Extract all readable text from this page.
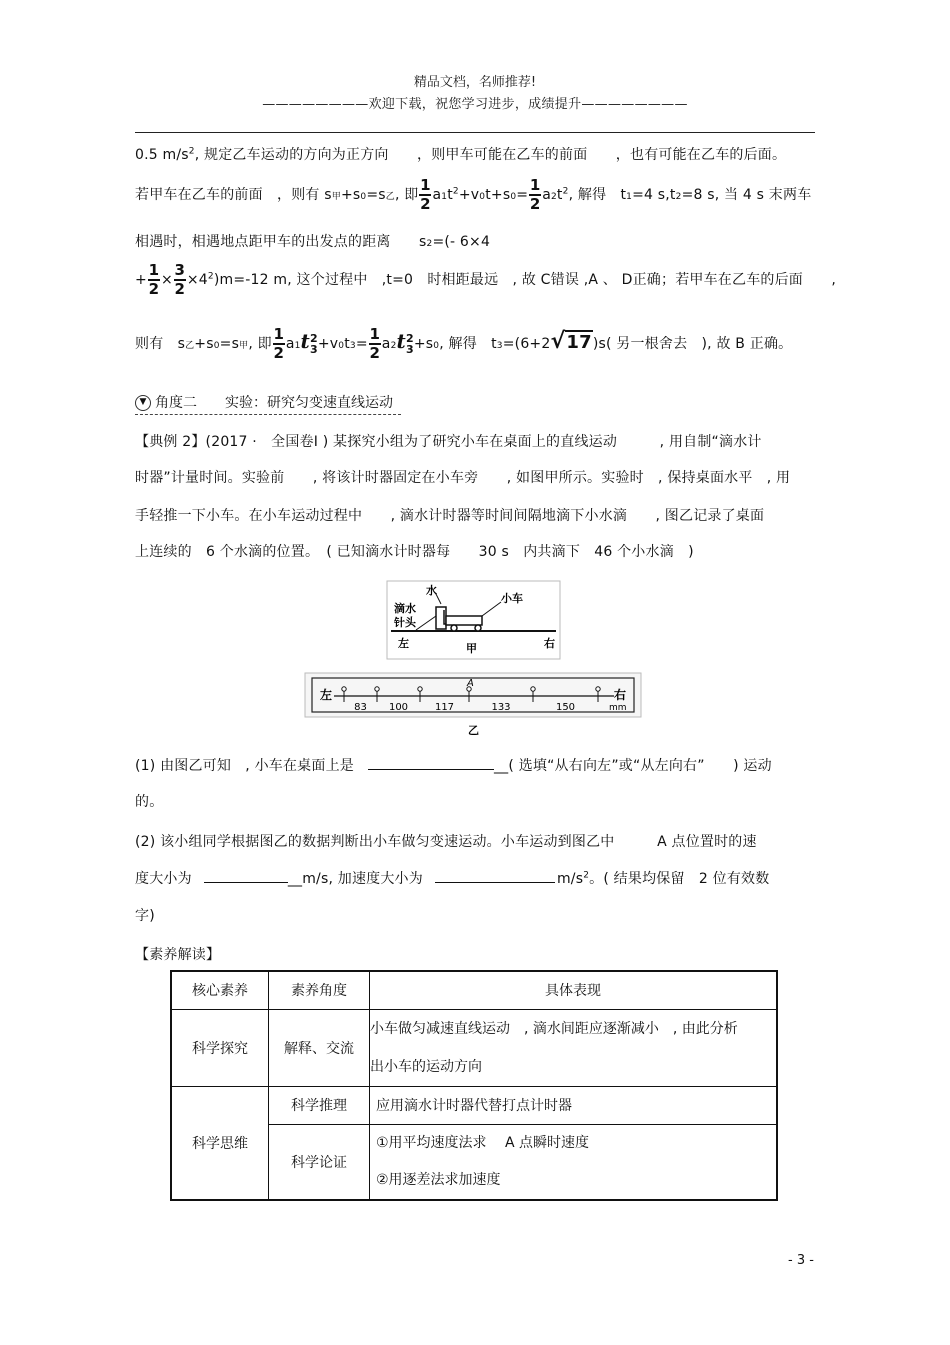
精品文档，名师推荐!
————————欢迎下载，祝您学习进步，成绩提升————————
0.5 $m/s^2$, 规定乙车运动的方向为正方向　　，则甲车可能在乙车的前面　　，也有可能在乙车的后面。
若甲车在乙车的前面　，则有 s甲+s0=s乙, 即 $\frac{1}{2} a1t^2+v0t+s0= \frac{1}{2} a2t^2$, 解得　t1=4 s,t2=8 s, 当 4 s 末两车
相遇时，相遇地点距甲车的出发点的距离　　s2=(- 6×4
+ $\frac{1}{2} \times \frac{3}{2} \times 4^2)m=-12$ m, 这个过程中　,t=0　时相距最远　, 故 C错误 ,A 、 D正确；若甲车在乙车的后面　　,
则有　s乙+s0=s甲, 即 $\frac{1}{2} a1t$ 2
$3 +v0t3= \frac{1}{2} a2t$ 2
3 +s0, 解得　t3=(6+2√17)s( 另一根舍去　), 故 B 正确。
▼ 角度二　　实验：研究匀变速直线运动
【典例 2】(2017 ·　全国卷Ⅰ ) 某探究小组为了研究小车在桌面上的直线运动　　　, 用自制“滴水计
时器”计量时间。实验前　　, 将该计时器固定在小车旁　　, 如图甲所示。实验时　, 保持桌面水平　, 用
手轻推一下小车。在小车运动过程中　　, 滴水计时器等时间间隔地滴下小水滴　　, 图乙记录了桌面
上连续的　6 个水滴的位置。　( 已知滴水计时器每　　30 s　内共滴下　46 个小水滴　)
水
滴水
针头
小车
左	甲	右
83 100	117	133	150
左	右
mm
A
乙
(1) 由图乙可知　, 小车在桌面上是	__( 选填“从右向左”或“从左向右”　　) 运动
的。
(2) 该小组同学根据图乙的数据判断出小车做匀变速运动。小车运动到图乙中　　　A 点位置时的速
度大小为	__m/s, 加速度大小为	$m/s^2$。( 结果均保留　2 位有效数
字)
【素养解读】
核心素养	素养角度	具体表现
科学探究	解释、交流	小车做匀减速直线运动　, 滴水间距应逐渐减小　, 由此分析
出小车的运动方向

科学思维	科学推理	应用滴水计时器代替打点计时器
	科学论证	①用平均速度法求　 A 点瞬时速度
②用逐差法求加速度
- 3 -
